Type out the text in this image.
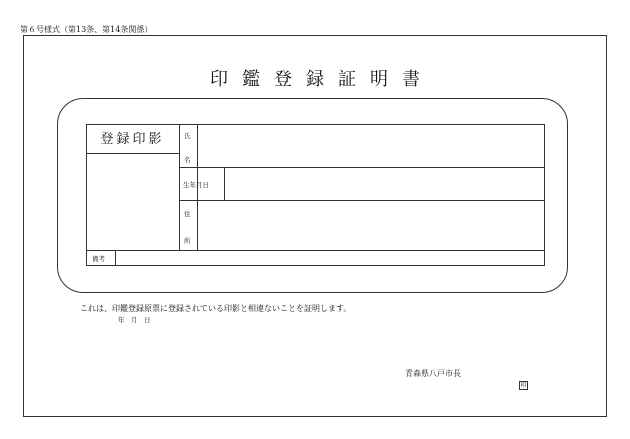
第６号様式（第13条、第14条関係）
印鑑登録証明書
登録印影	氏
名
生年月日
住
所
備考
これは、印鑑登録原票に登録されている印影と相違ないことを証明します。
年　月　日
青森県八戸市長
印
